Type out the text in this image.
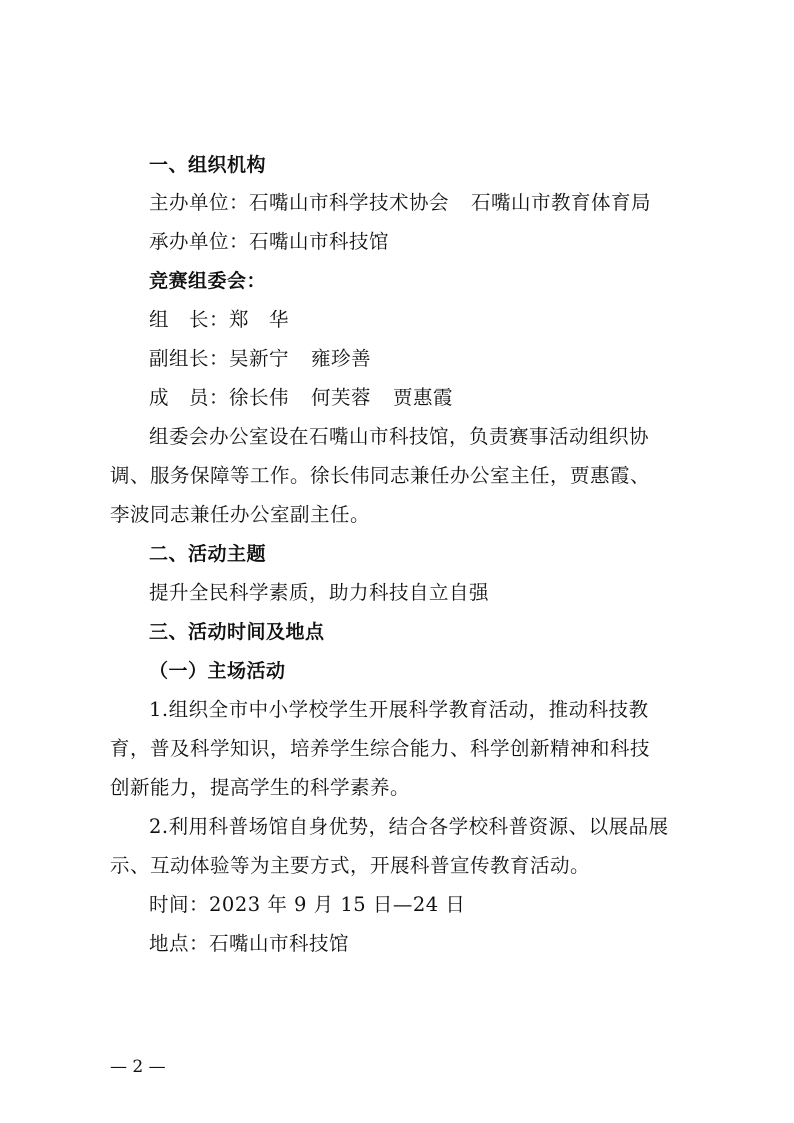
一、组织机构
主办单位：石嘴山市科学技术协会 石嘴山市教育体育局
承办单位：石嘴山市科技馆
竞赛组委会：
组　长：郑　华
副组长：吴新宁 雍珍善
成　员：徐长伟 何芙蓉 贾惠霞
组委会办公室设在石嘴山市科技馆，负责赛事活动组织协
调、服务保障等工作。徐长伟同志兼任办公室主任，贾惠霞、
李波同志兼任办公室副主任。
二、活动主题
提升全民科学素质，助力科技自立自强
三、活动时间及地点
（一）主场活动
1.组织全市中小学校学生开展科学教育活动，推动科技教
育，普及科学知识，培养学生综合能力、科学创新精神和科技
创新能力，提高学生的科学素养。
2.利用科普场馆自身优势，结合各学校科普资源、以展品展
示、互动体验等为主要方式，开展科普宣传教育活动。
时间：2023 年 9 月 15 日—24 日
地点：石嘴山市科技馆
— 2 —
